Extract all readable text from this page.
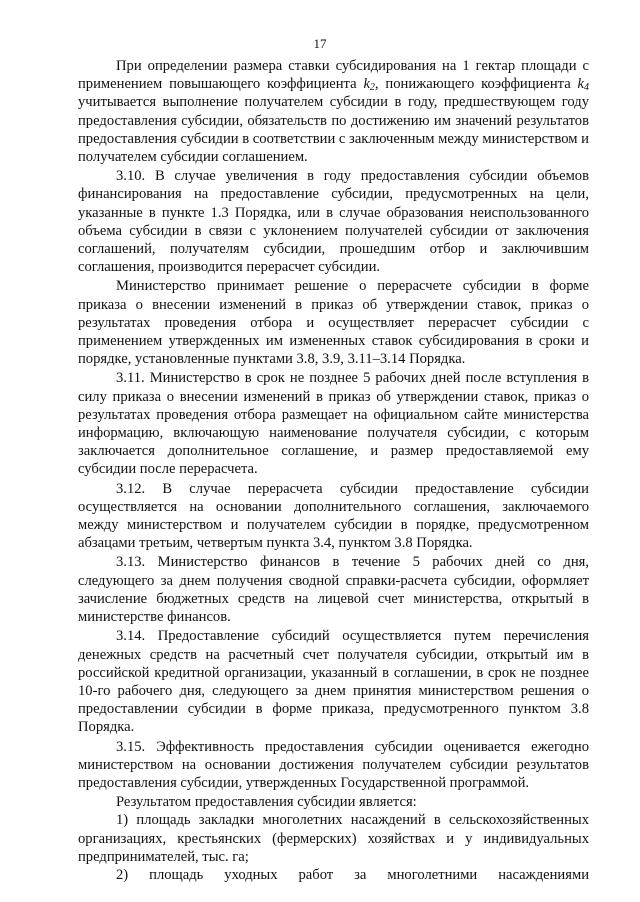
17

При определении размера ставки субсидирования на 1 гектар площади с применением повышающего коэффициента $k_2$, понижающего коэффициента $k_4$ учитывается выполнение получателем субсидии в году, предшествующем году предоставления субсидии, обязательств по достижению им значений результатов предоставления субсидии в соответствии с заключенным между министерством и получателем субсидии соглашением.

3.10. В случае увеличения в году предоставления субсидии объемов финансирования на предоставление субсидии, предусмотренных на цели, указанные в пункте 1.3 Порядка, или в случае образования неиспользованного объема субсидии в связи с уклонением получателей субсидии от заключения соглашений, получателям субсидии, прошедшим отбор и заключившим соглашения, производится перерасчет субсидии.

Министерство принимает решение о перерасчете субсидии в форме приказа о внесении изменений в приказ об утверждении ставок, приказ о результатах проведения отбора и осуществляет перерасчет субсидии с применением утвержденных им измененных ставок субсидирования в сроки и порядке, установленные пунктами 3.8, 3.9, 3.11–3.14 Порядка.

3.11. Министерство в срок не позднее 5 рабочих дней после вступления в силу приказа о внесении изменений в приказ об утверждении ставок, приказ о результатах проведения отбора размещает на официальном сайте министерства информацию, включающую наименование получателя субсидии, с которым заключается дополнительное соглашение, и размер предоставляемой ему субсидии после перерасчета.

3.12. В случае перерасчета субсидии предоставление субсидии осуществляется на основании дополнительного соглашения, заключаемого между министерством и получателем субсидии в порядке, предусмотренном абзацами третьим, четвертым пункта 3.4, пунктом 3.8 Порядка.

3.13. Министерство финансов в течение 5 рабочих дней со дня, следующего за днем получения сводной справки-расчета субсидии, оформляет зачисление бюджетных средств на лицевой счет министерства, открытый в министерстве финансов.

3.14. Предоставление субсидий осуществляется путем перечисления денежных средств на расчетный счет получателя субсидии, открытый им в российской кредитной организации, указанный в соглашении, в срок не позднее 10-го рабочего дня, следующего за днем принятия министерством решения о предоставлении субсидии в форме приказа, предусмотренного пунктом 3.8 Порядка.

3.15. Эффективность предоставления субсидии оценивается ежегодно министерством на основании достижения получателем субсидии результатов предоставления субсидии, утвержденных Государственной программой.

Результатом предоставления субсидии является:

1) площадь закладки многолетних насаждений в сельскохозяйственных организациях, крестьянских (фермерских) хозяйствах и у индивидуальных предпринимателей, тыс. га;

2) площадь уходных работ за многолетними насаждениями
